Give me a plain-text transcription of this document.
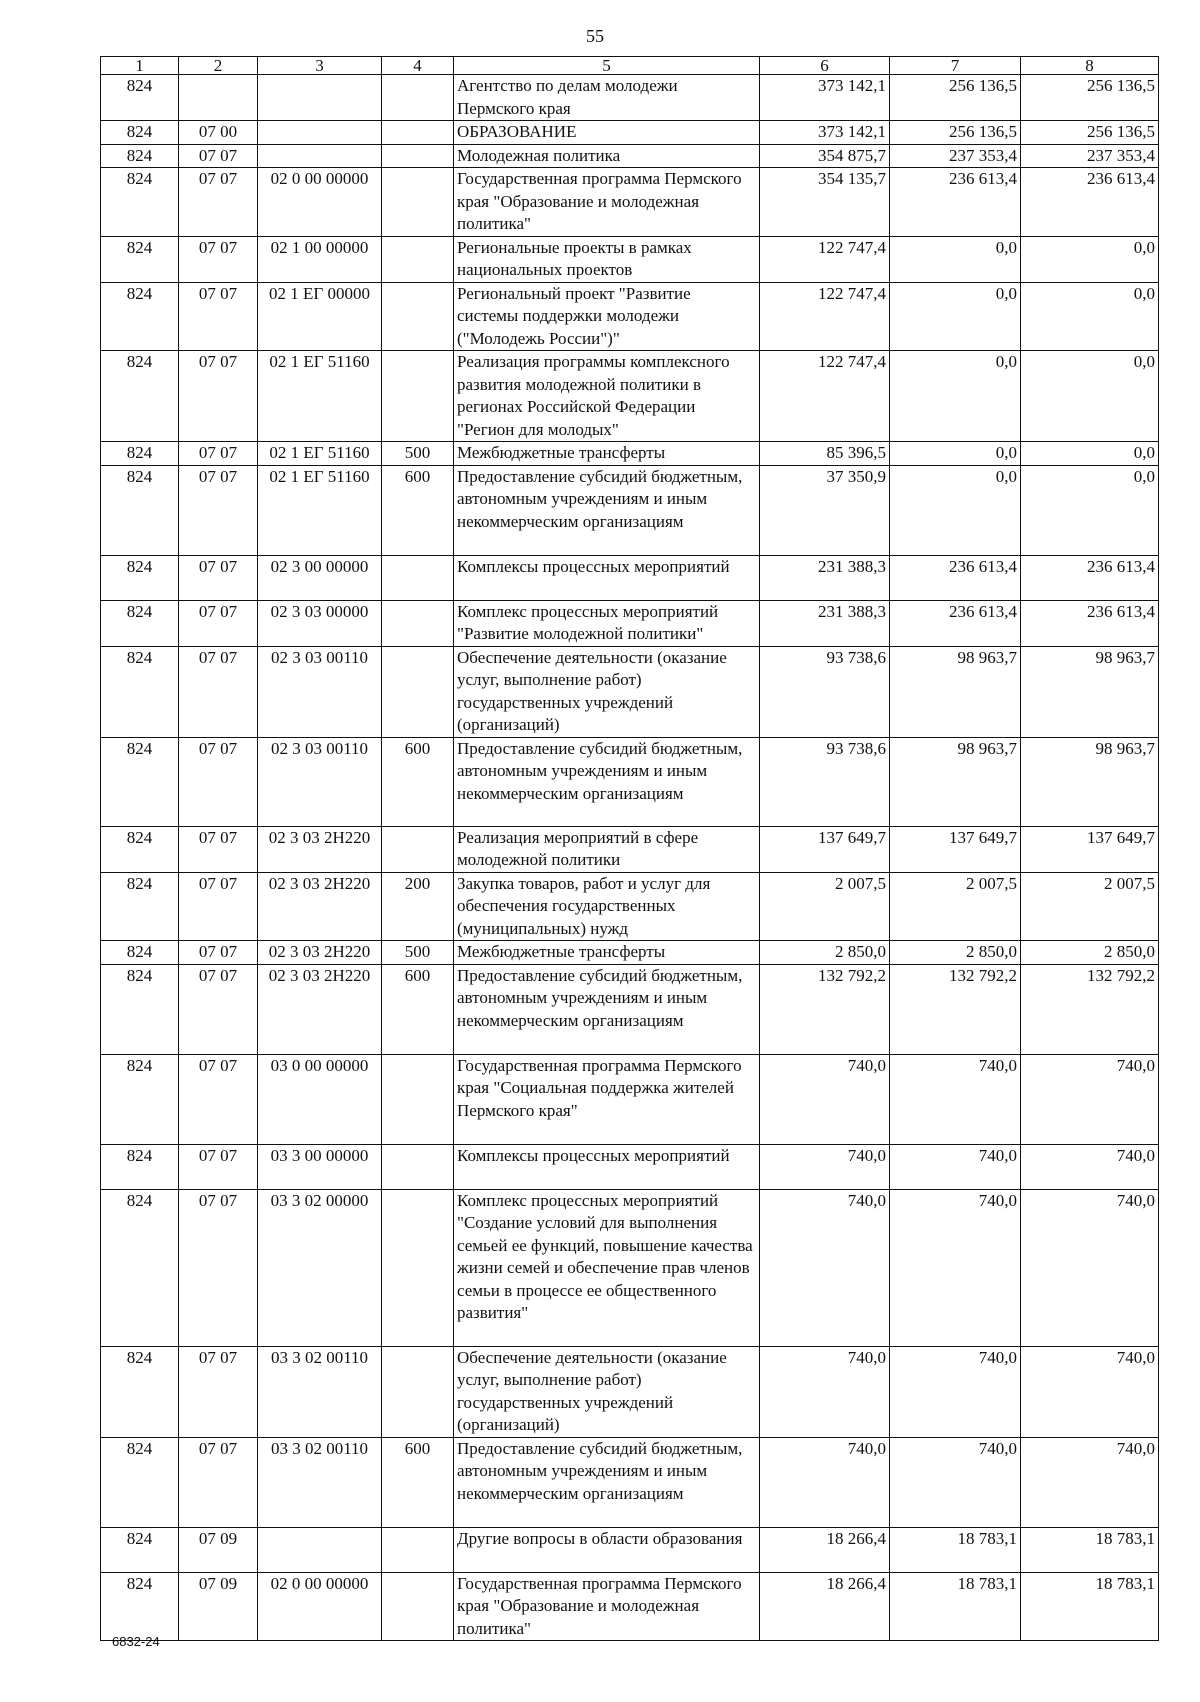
55
1	2	3	4	5	6	7	8
824				Агентство по делам молодежи Пермского края	373 142,1	256 136,5	256 136,5
824	07 00			ОБРАЗОВАНИЕ	373 142,1	256 136,5	256 136,5
824	07 07			Молодежная политика	354 875,7	237 353,4	237 353,4
824	07 07	02 0 00 00000		Государственная программа Пермского края "Образование и молодежная политика"	354 135,7	236 613,4	236 613,4
824	07 07	02 1 00 00000		Региональные проекты в рамках национальных проектов	122 747,4	0,0	0,0
824	07 07	02 1 ЕГ 00000		Региональный проект "Развитие системы поддержки молодежи ("Молодежь России")"	122 747,4	0,0	0,0
824	07 07	02 1 ЕГ 51160		Реализация программы комплексного развития молодежной политики в регионах Российской Федерации "Регион для молодых"	122 747,4	0,0	0,0
824	07 07	02 1 ЕГ 51160	500	Межбюджетные трансферты	85 396,5	0,0	0,0
824	07 07	02 1 ЕГ 51160	600	Предоставление субсидий бюджетным, автономным учреждениям и иным некоммерческим организациям	37 350,9	0,0	0,0
824	07 07	02 3 00 00000		Комплексы процессных мероприятий	231 388,3	236 613,4	236 613,4
824	07 07	02 3 03 00000		Комплекс процессных мероприятий "Развитие молодежной политики"	231 388,3	236 613,4	236 613,4
824	07 07	02 3 03 00110		Обеспечение деятельности (оказание услуг, выполнение работ) государственных учреждений (организаций)	93 738,6	98 963,7	98 963,7
824	07 07	02 3 03 00110	600	Предоставление субсидий бюджетным, автономным учреждениям и иным некоммерческим организациям	93 738,6	98 963,7	98 963,7
824	07 07	02 3 03 2Н220		Реализация мероприятий в сфере молодежной политики	137 649,7	137 649,7	137 649,7
824	07 07	02 3 03 2Н220	200	Закупка товаров, работ и услуг для обеспечения государственных (муниципальных) нужд	2 007,5	2 007,5	2 007,5
824	07 07	02 3 03 2Н220	500	Межбюджетные трансферты	2 850,0	2 850,0	2 850,0
824	07 07	02 3 03 2Н220	600	Предоставление субсидий бюджетным, автономным учреждениям и иным некоммерческим организациям	132 792,2	132 792,2	132 792,2
824	07 07	03 0 00 00000		Государственная программа Пермского края "Социальная поддержка жителей Пермского края"	740,0	740,0	740,0
824	07 07	03 3 00 00000		Комплексы процессных мероприятий	740,0	740,0	740,0
824	07 07	03 3 02 00000		Комплекс процессных мероприятий "Создание условий для выполнения семьей ее функций, повышение качества жизни семей и обеспечение прав членов семьи в процессе ее общественного развития"	740,0	740,0	740,0
824	07 07	03 3 02 00110		Обеспечение деятельности (оказание услуг, выполнение работ) государственных учреждений (организаций)	740,0	740,0	740,0
824	07 07	03 3 02 00110	600	Предоставление субсидий бюджетным, автономным учреждениям и иным некоммерческим организациям	740,0	740,0	740,0
824	07 09			Другие вопросы в области образования	18 266,4	18 783,1	18 783,1
824	07 09	02 0 00 00000		Государственная программа Пермского края "Образование и молодежная политика"	18 266,4	18 783,1	18 783,1
6832-24
